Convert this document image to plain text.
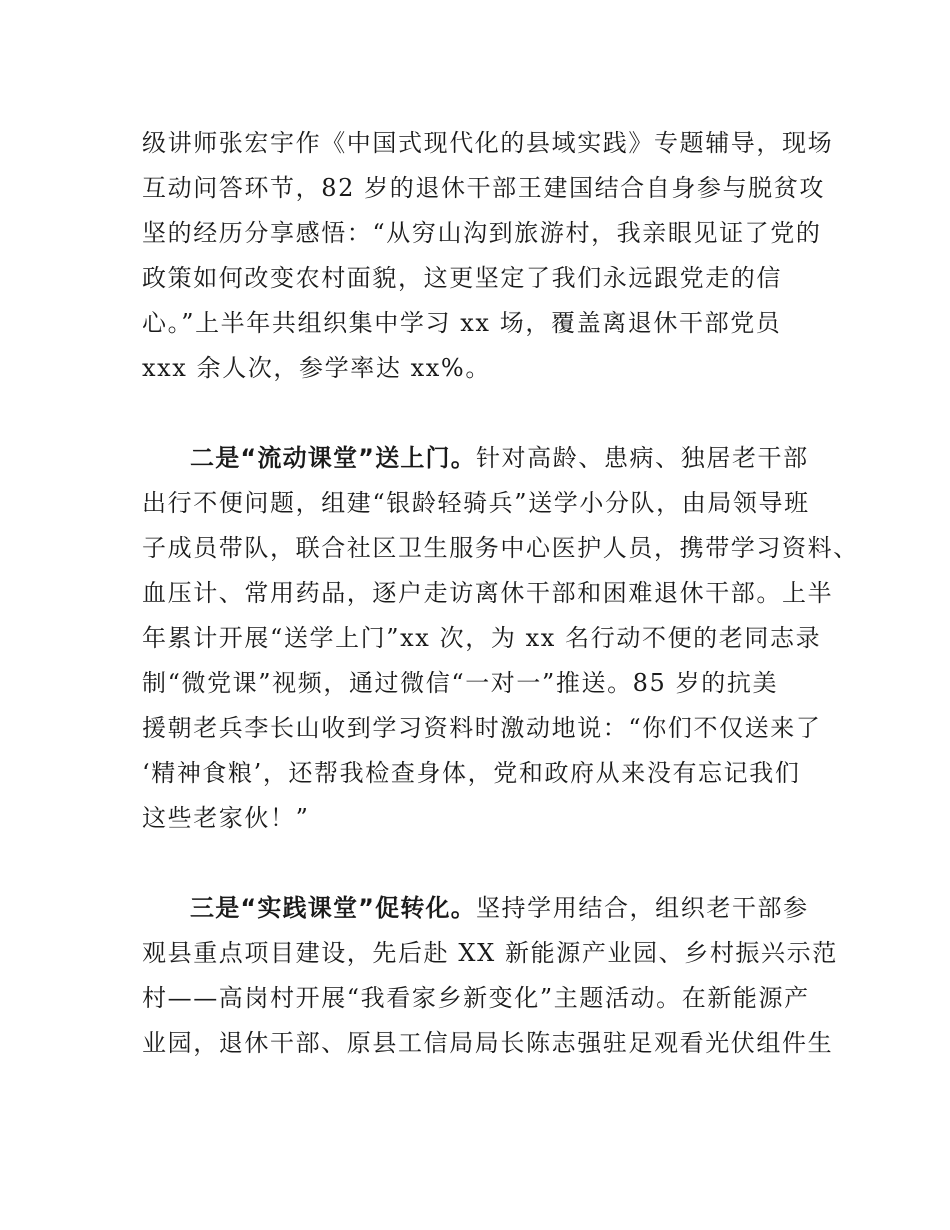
级讲师张宏宇作《中国式现代化的县域实践》专题辅导，现场
互动问答环节，82 岁的退休干部王建国结合自身参与脱贫攻
坚的经历分享感悟：“从穷山沟到旅游村，我亲眼见证了党的
政策如何改变农村面貌，这更坚定了我们永远跟党走的信
心。”上半年共组织集中学习 xx 场，覆盖离退休干部党员
xxx 余人次，参学率达 xx%。
二是“流动课堂”送上门。针对高龄、患病、独居老干部
出行不便问题，组建“银龄轻骑兵”送学小分队，由局领导班
子成员带队，联合社区卫生服务中心医护人员，携带学习资料、
血压计、常用药品，逐户走访离休干部和困难退休干部。上半
年累计开展“送学上门”xx 次，为 xx 名行动不便的老同志录
制“微党课”视频，通过微信“一对一”推送。85 岁的抗美
援朝老兵李长山收到学习资料时激动地说：“你们不仅送来了
‘精神食粮’，还帮我检查身体，党和政府从来没有忘记我们
这些老家伙！”
三是“实践课堂”促转化。坚持学用结合，组织老干部参
观县重点项目建设，先后赴 XX 新能源产业园、乡村振兴示范
村——高岗村开展“我看家乡新变化”主题活动。在新能源产
业园，退休干部、原县工信局局长陈志强驻足观看光伏组件生
